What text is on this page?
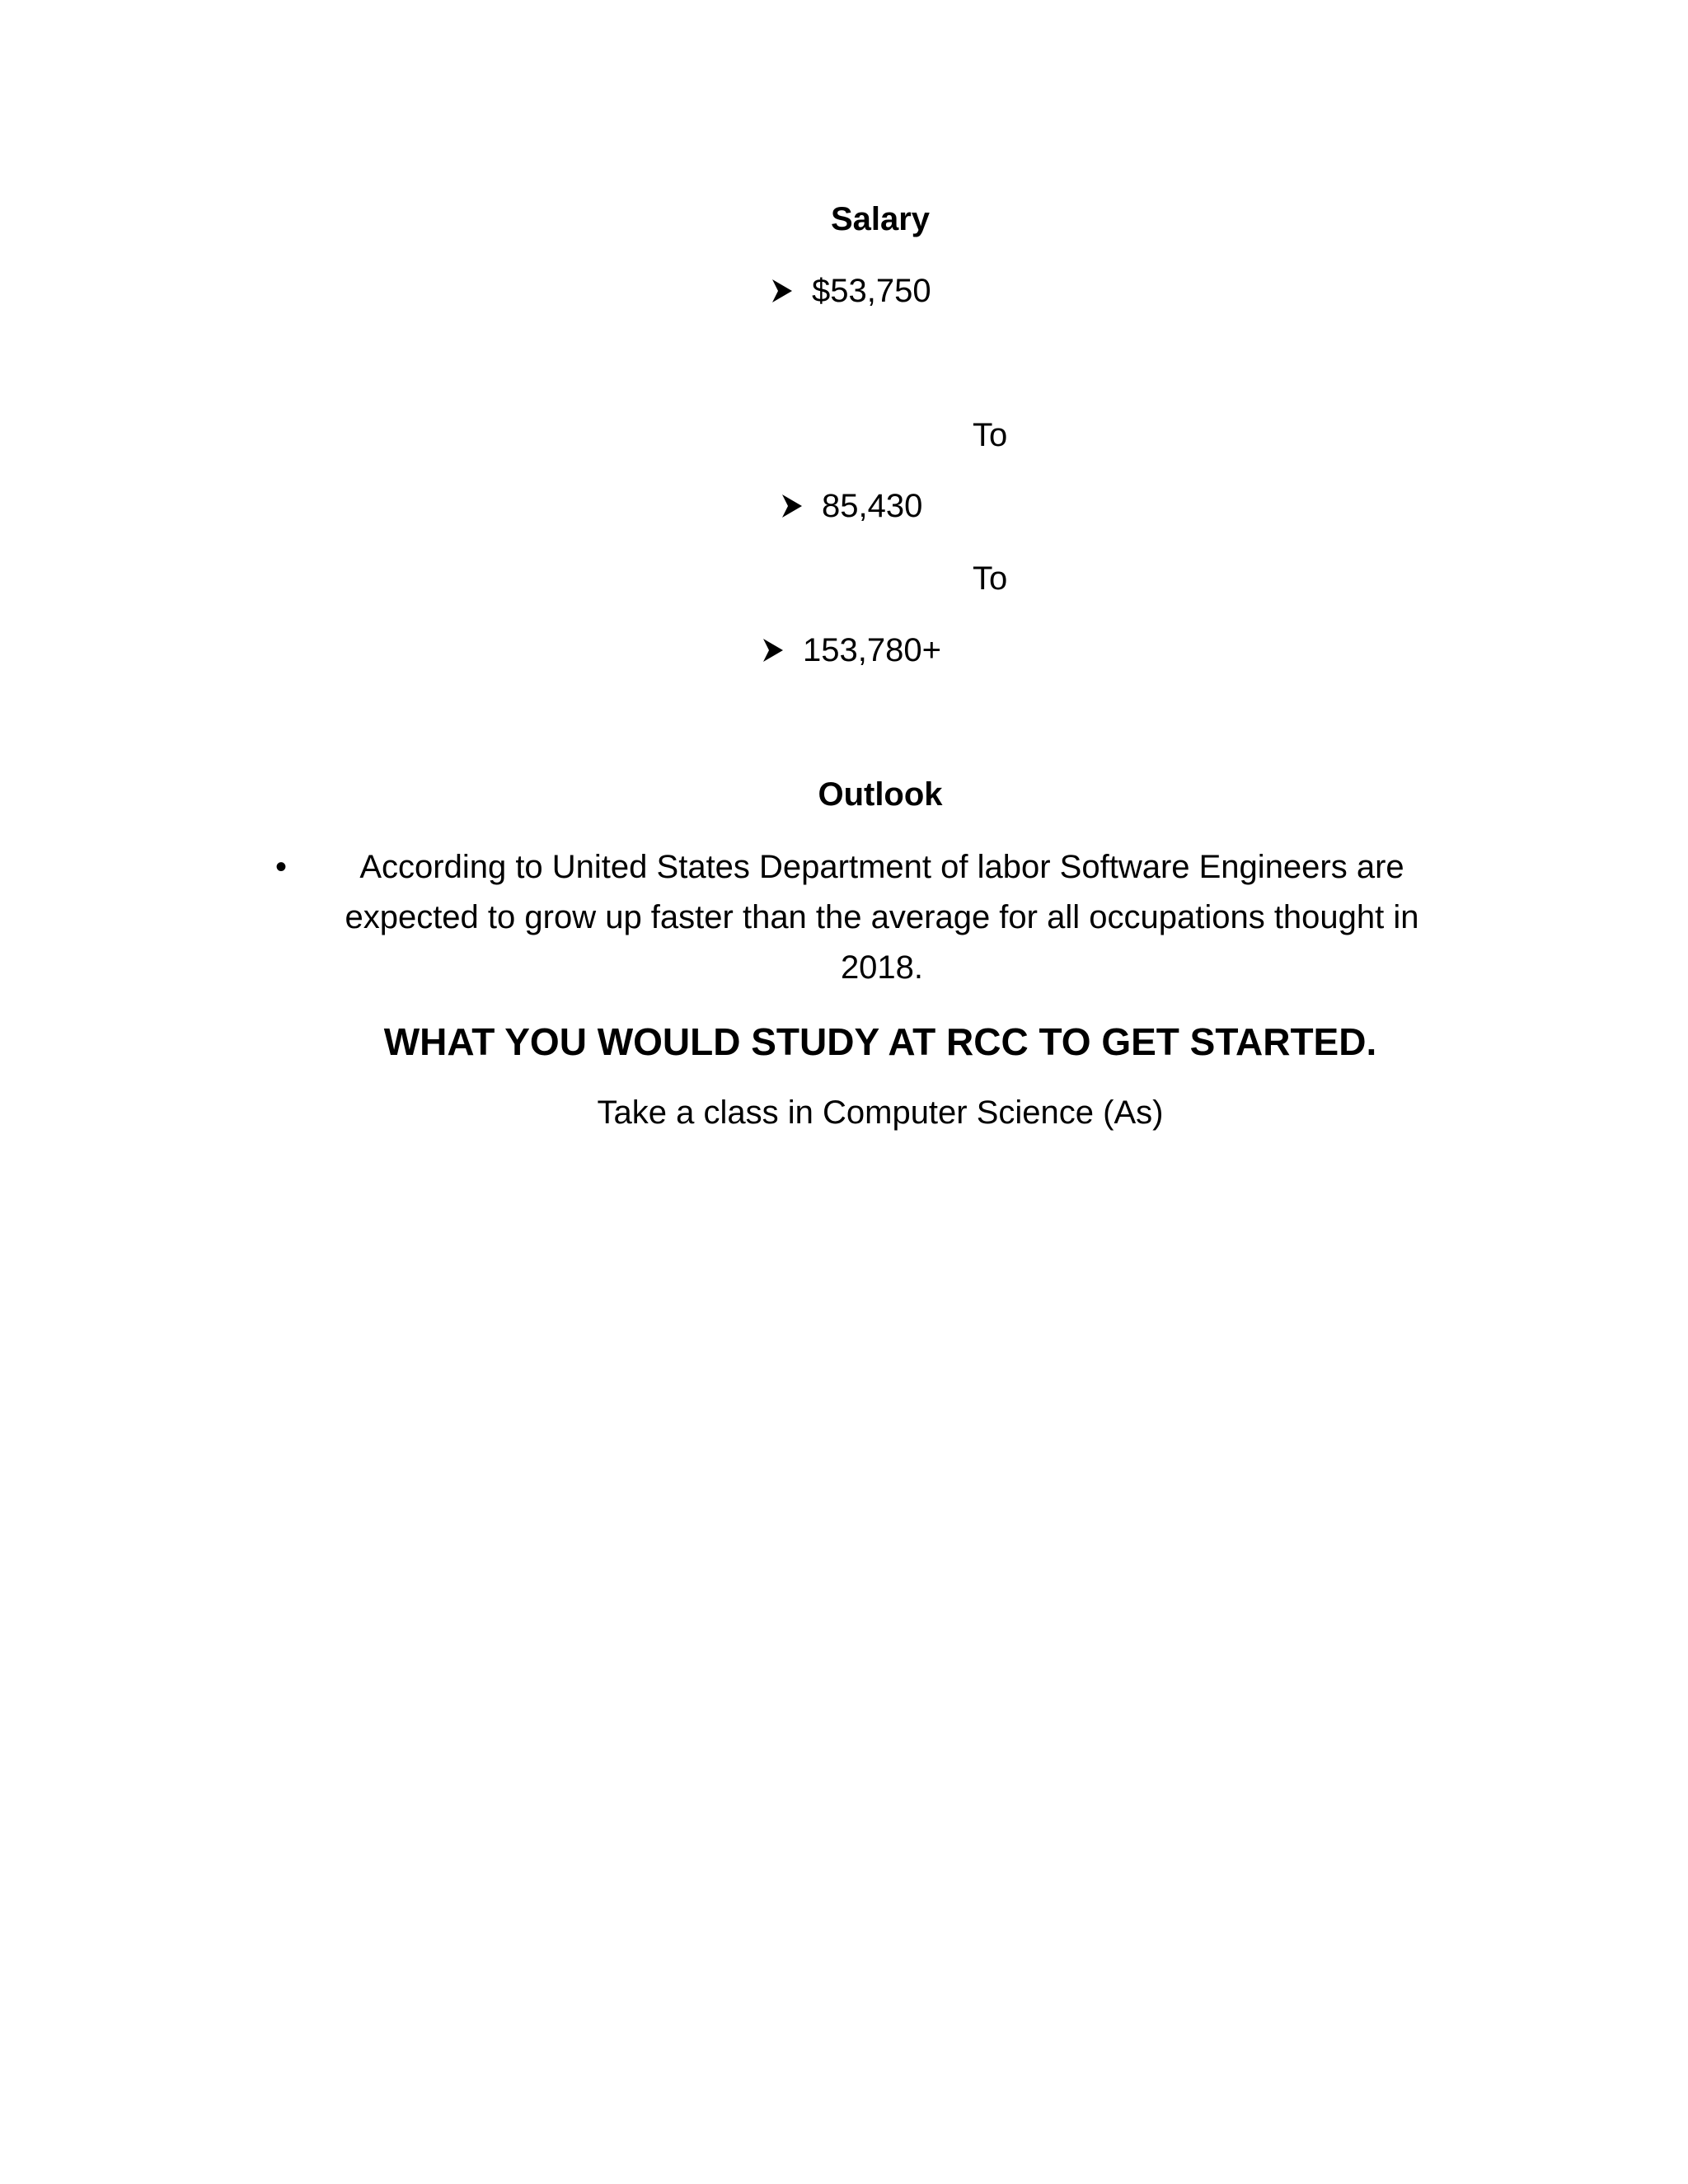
Salary
$53,750
To
85,430
To
153,780+
Outlook
• According to United States Department of labor Software Engineers are expected to grow up faster than the average for all occupations thought in 2018.
WHAT YOU WOULD STUDY AT RCC TO GET STARTED.
Take a class in Computer Science (As)
